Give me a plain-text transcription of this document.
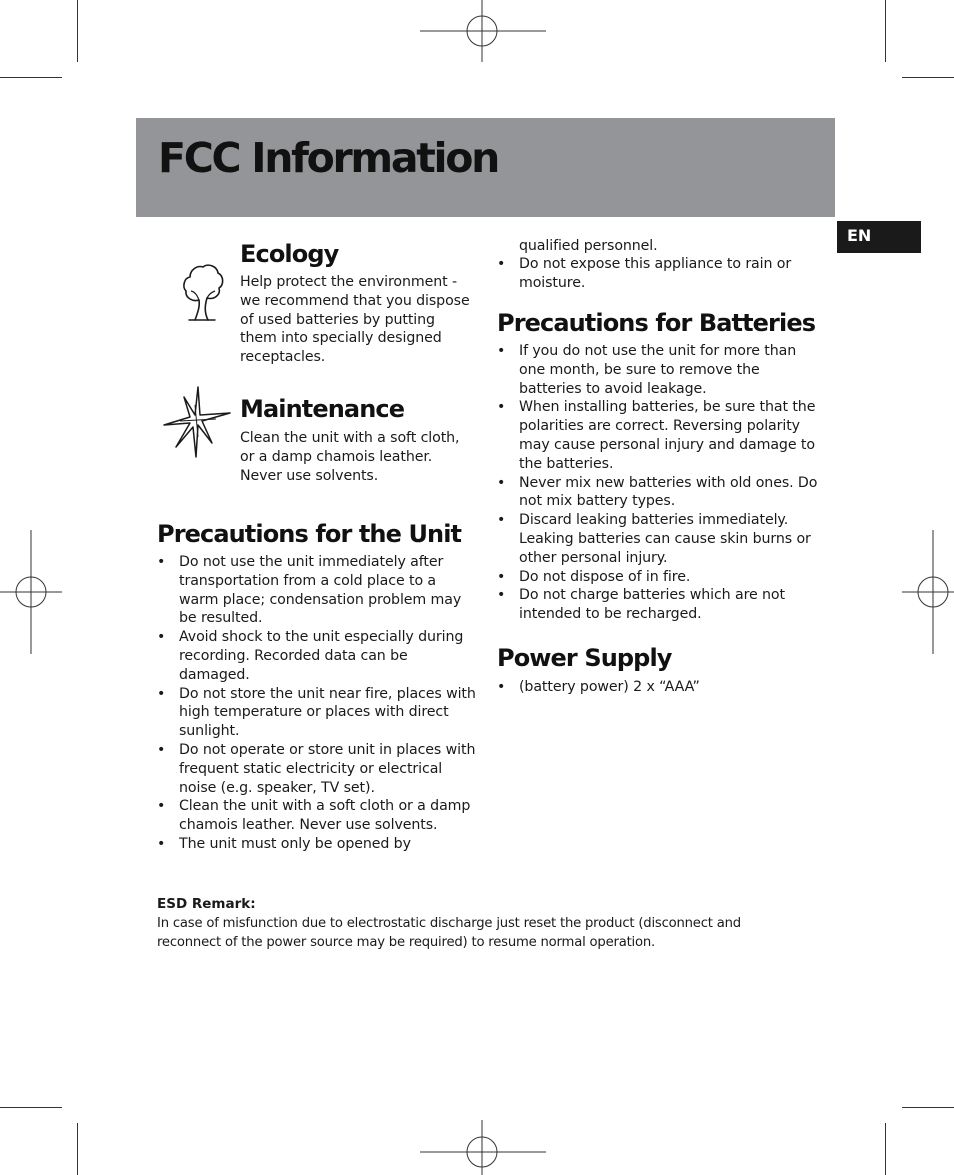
FCC Information
EN
Ecology

Help protect the environment - we recommend that you dispose of used batteries by putting them into specially designed receptacles.

Maintenance

Clean the unit with a soft cloth, or a damp chamois leather. Never use solvents.

Precautions for the Unit
• Do not use the unit immediately after transportation from a cold place to a warm place; condensation problem may be resulted.
• Avoid shock to the unit especially during recording. Recorded data can be damaged.
• Do not store the unit near fire, places with high temperature or places with direct sunlight.
• Do not operate or store unit in places with frequent static electricity or electrical noise (e.g. speaker, TV set).
• Clean the unit with a soft cloth or a damp chamois leather. Never use solvents.
• The unit must only be opened by

qualified personnel.

• Do not expose this appliance to rain or moisture.
Precautions for Batteries
• If you do not use the unit for more than one month, be sure to remove the batteries to avoid leakage.
• When installing batteries, be sure that the polarities are correct. Reversing polarity may cause personal injury and damage to the batteries.
• Never mix new batteries with old ones. Do not mix battery types.
• Discard leaking batteries immediately. Leaking batteries can cause skin burns or other personal injury.
• Do not dispose of in fire.
• Do not charge batteries which are not intended to be recharged.
Power Supply
• (battery power) 2 x “AAA”

ESD Remark:

In case of misfunction due to electrostatic discharge just reset the product (disconnect and reconnect of the power source may be required) to resume normal operation.
